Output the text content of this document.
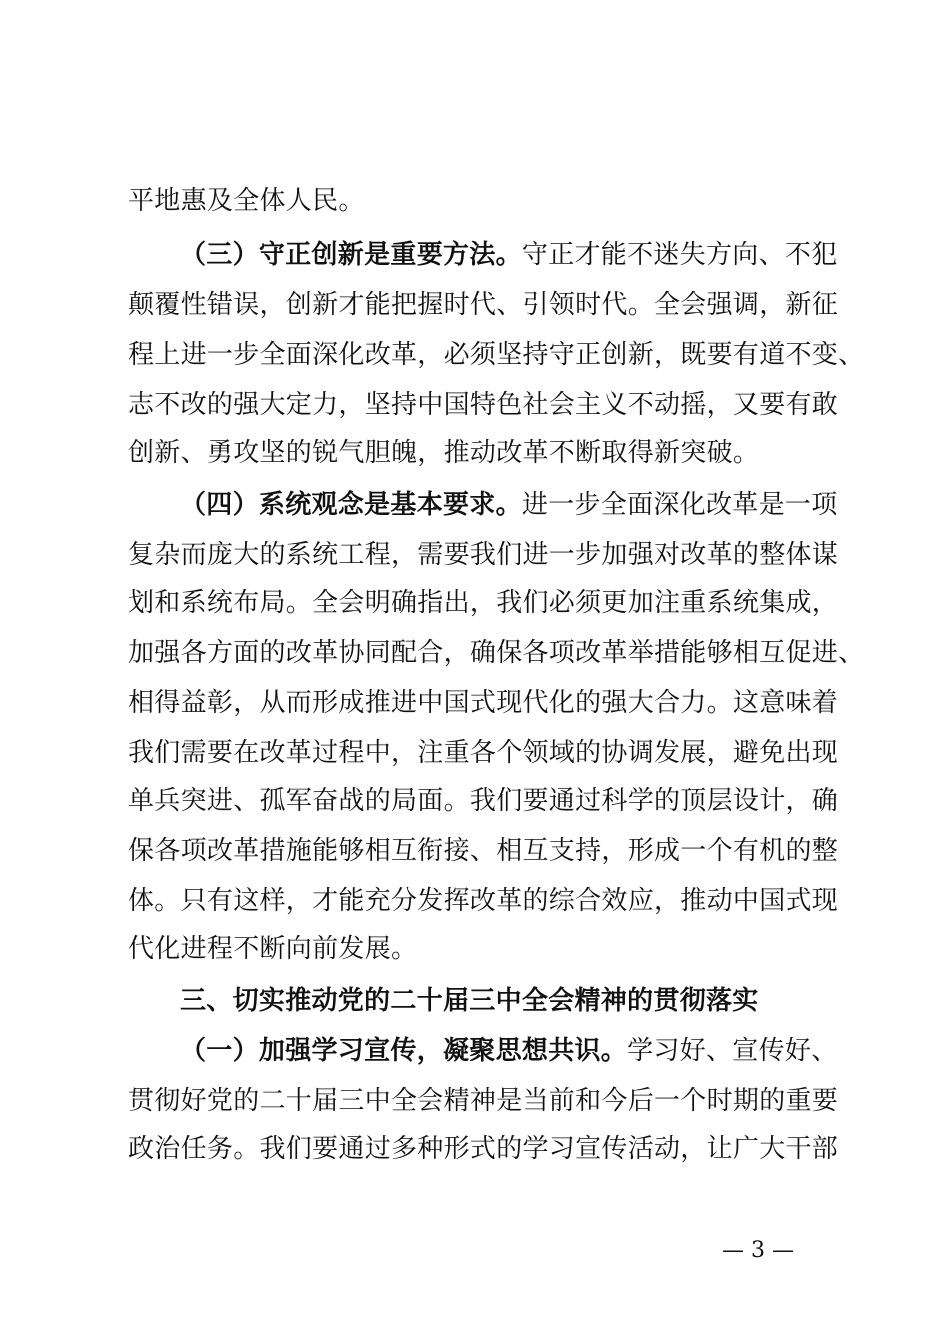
平地惠及全体人民。
（三）守正创新是重要方法。守正才能不迷失方向、不犯
颠覆性错误，创新才能把握时代、引领时代。全会强调，新征
程上进一步全面深化改革，必须坚持守正创新，既要有道不变、
志不改的强大定力，坚持中国特色社会主义不动摇，又要有敢
创新、勇攻坚的锐气胆魄，推动改革不断取得新突破。
（四）系统观念是基本要求。进一步全面深化改革是一项
复杂而庞大的系统工程，需要我们进一步加强对改革的整体谋
划和系统布局。全会明确指出，我们必须更加注重系统集成，
加强各方面的改革协同配合，确保各项改革举措能够相互促进、
相得益彰，从而形成推进中国式现代化的强大合力。这意味着
我们需要在改革过程中，注重各个领域的协调发展，避免出现
单兵突进、孤军奋战的局面。我们要通过科学的顶层设计，确
保各项改革措施能够相互衔接、相互支持，形成一个有机的整
体。只有这样，才能充分发挥改革的综合效应，推动中国式现
代化进程不断向前发展。
三、切实推动党的二十届三中全会精神的贯彻落实
（一）加强学习宣传，凝聚思想共识。学习好、宣传好、
贯彻好党的二十届三中全会精神是当前和今后一个时期的重要
政治任务。我们要通过多种形式的学习宣传活动，让广大干部
— 3 —
